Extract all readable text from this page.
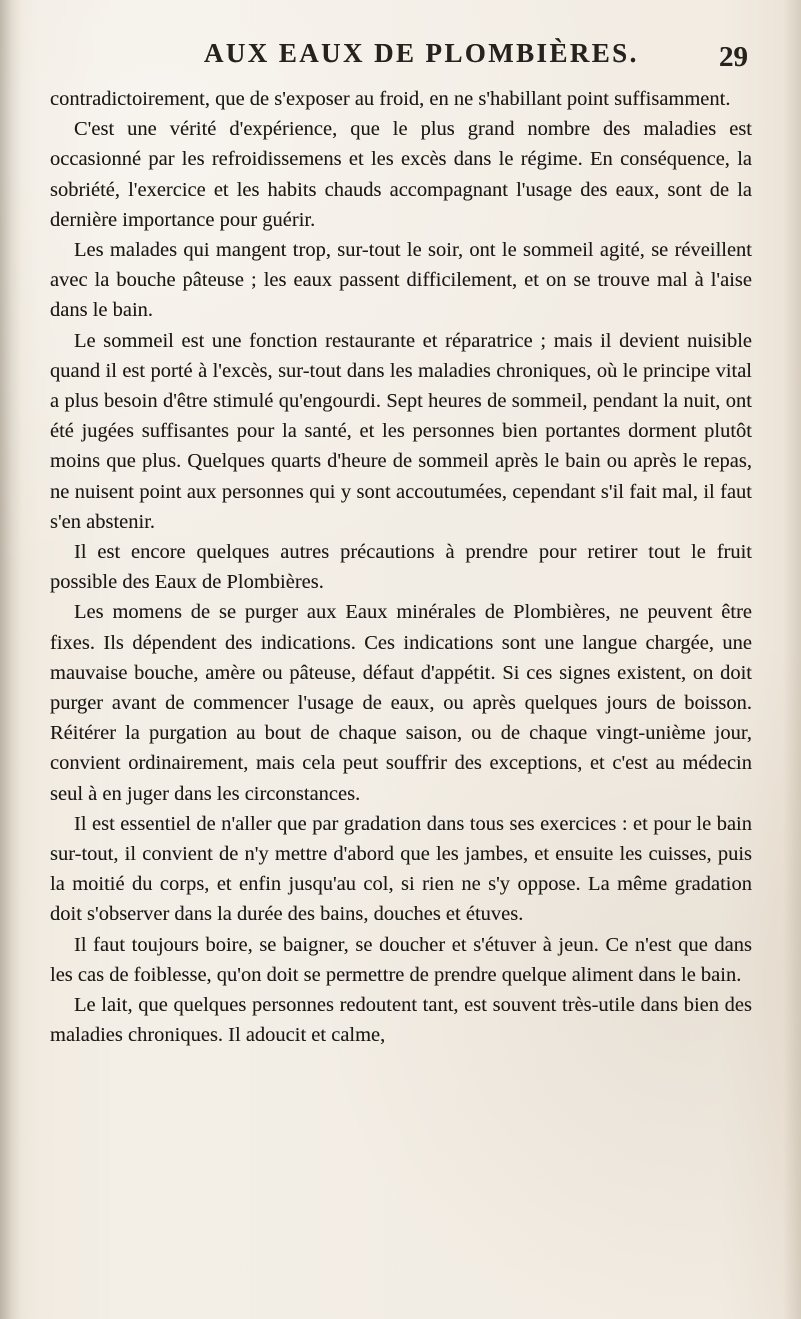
AUX EAUX DE PLOMBIÈRES.	29

contradictoirement, que de s'exposer au froid, en ne s'habillant point suffisamment.

C'est une vérité d'expérience, que le plus grand nombre des maladies est occasionné par les refroidissemens et les excès dans le régime. En conséquence, la sobriété, l'exercice et les habits chauds accompagnant l'usage des eaux, sont de la dernière importance pour guérir.

Les malades qui mangent trop, sur-tout le soir, ont le sommeil agité, se réveillent avec la bouche pâteuse ; les eaux passent difficilement, et on se trouve mal à l'aise dans le bain.

Le sommeil est une fonction restaurante et réparatrice ; mais il devient nuisible quand il est porté à l'excès, sur-tout dans les maladies chroniques, où le principe vital a plus besoin d'être stimulé qu'engourdi. Sept heures de sommeil, pendant la nuit, ont été jugées suffisantes pour la santé, et les personnes bien portantes dorment plutôt moins que plus. Quelques quarts d'heure de sommeil après le bain ou après le repas, ne nuisent point aux personnes qui y sont accoutumées, cependant s'il fait mal, il faut s'en abstenir.

Il est encore quelques autres précautions à prendre pour retirer tout le fruit possible des Eaux de Plombières.

Les momens de se purger aux Eaux minérales de Plombières, ne peuvent être fixes. Ils dépendent des indications. Ces indications sont une langue chargée, une mauvaise bouche, amère ou pâteuse, défaut d'appétit. Si ces signes existent, on doit purger avant de commencer l'usage de eaux, ou après quelques jours de boisson. Réitérer la purgation au bout de chaque saison, ou de chaque vingt-unième jour, convient ordinairement, mais cela peut souffrir des exceptions, et c'est au médecin seul à en juger dans les circonstances.

Il est essentiel de n'aller que par gradation dans tous ses exercices : et pour le bain sur-tout, il convient de n'y mettre d'abord que les jambes, et ensuite les cuisses, puis la moitié du corps, et enfin jusqu'au col, si rien ne s'y oppose. La même gradation doit s'observer dans la durée des bains, douches et étuves.

Il faut toujours boire, se baigner, se doucher et s'étuver à jeun. Ce n'est que dans les cas de foiblesse, qu'on doit se permettre de prendre quelque aliment dans le bain.

Le lait, que quelques personnes redoutent tant, est souvent très-utile dans bien des maladies chroniques. Il adoucit et calme,
